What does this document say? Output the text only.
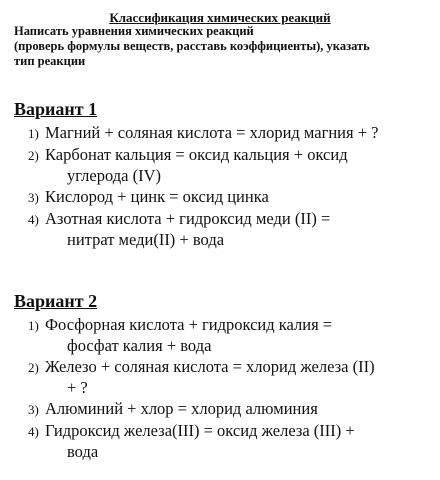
Классификация химических реакций
Написать уравнения химических реакций
(проверь формулы веществ, расставь коэффициенты), указать
тип реакции
Вариант 1
1) Магний + соляная кислота = хлорид магния + ?
2) Карбонат кальция = оксид кальция + оксид
углерода (IV)
3) Кислород + цинк = оксид цинка
4) Азотная кислота + гидроксид меди (II) =
нитрат меди(II) + вода
Вариант 2
1) Фосфорная кислота + гидроксид калия =
фосфат калия + вода
2) Железо + соляная кислота = хлорид железа (II)
+ ?
3) Алюминий + хлор = хлорид алюминия
4) Гидроксид железа(III) = оксид железа (III) +
вода
